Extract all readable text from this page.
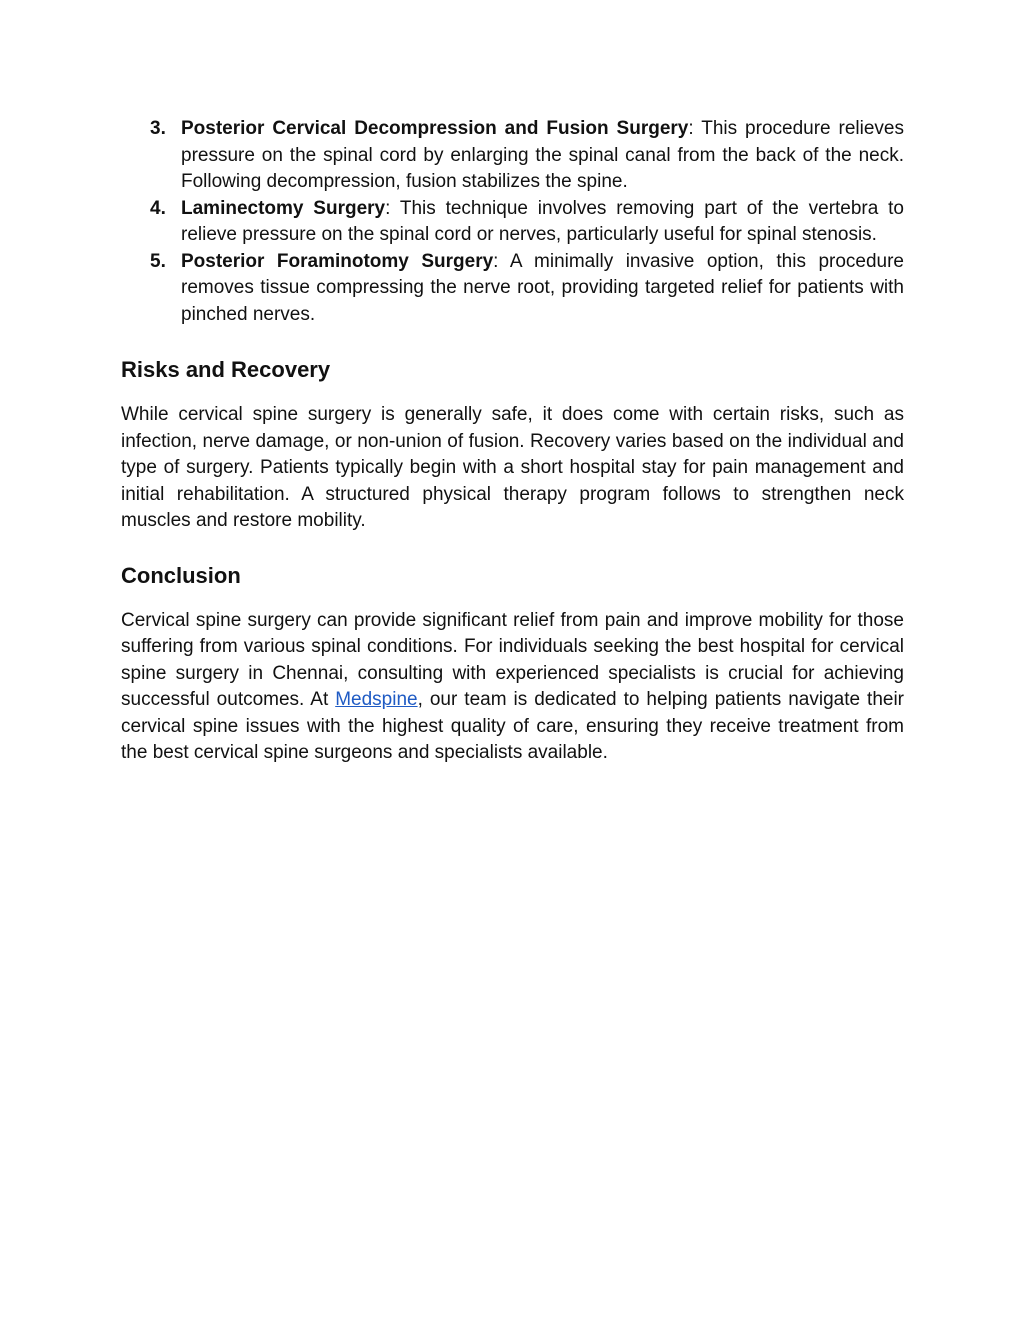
3. Posterior Cervical Decompression and Fusion Surgery: This procedure relieves pressure on the spinal cord by enlarging the spinal canal from the back of the neck. Following decompression, fusion stabilizes the spine.
4. Laminectomy Surgery: This technique involves removing part of the vertebra to relieve pressure on the spinal cord or nerves, particularly useful for spinal stenosis.
5. Posterior Foraminotomy Surgery: A minimally invasive option, this procedure removes tissue compressing the nerve root, providing targeted relief for patients with pinched nerves.
Risks and Recovery

While cervical spine surgery is generally safe, it does come with certain risks, such as infection, nerve damage, or non-union of fusion. Recovery varies based on the individual and type of surgery. Patients typically begin with a short hospital stay for pain management and initial rehabilitation. A structured physical therapy program follows to strengthen neck muscles and restore mobility.

Conclusion

Cervical spine surgery can provide significant relief from pain and improve mobility for those suffering from various spinal conditions. For individuals seeking the best hospital for cervical spine surgery in Chennai, consulting with experienced specialists is crucial for achieving successful outcomes. At Medspine, our team is dedicated to helping patients navigate their cervical spine issues with the highest quality of care, ensuring they receive treatment from the best cervical spine surgeons and specialists available.
